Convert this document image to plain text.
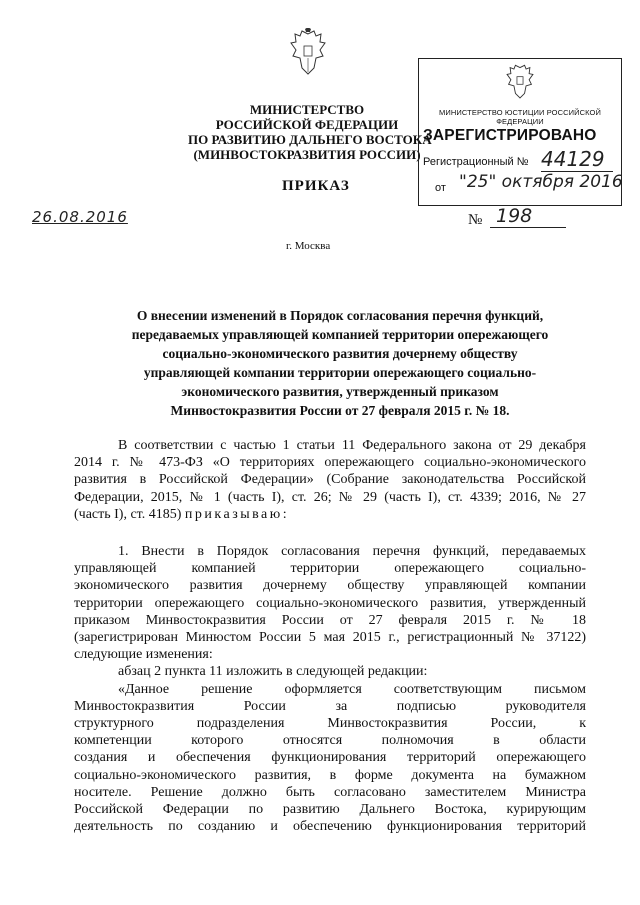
МИНИСТЕРСТВО
РОССИЙСКОЙ ФЕДЕРАЦИИ
ПО РАЗВИТИЮ ДАЛЬНЕГО ВОСТОКА
(МИНВОСТОКРАЗВИТИЯ РОССИИ)
МИНИСТЕРСТВО ЮСТИЦИИ РОССИЙСКОЙ ФЕДЕРАЦИИ
ЗАРЕГИСТРИРОВАНО
Регистрационный № 44129
от "25" октября 2016
ПРИКАЗ
26.08.2016	№ 198
г. Москва
О внесении изменений в Порядок согласования перечня функций,
передаваемых управляющей компанией территории опережающего
социально-экономического развития дочернему обществу
управляющей компании территории опережающего социально-
экономического развития, утвержденный приказом
Минвостокразвития России от 27 февраля 2015 г. № 18.
В соответствии с частью 1 статьи 11 Федерального закона от 29 декабря
2014 г. № 473-ФЗ «О территориях опережающего социально-экономического
развития в Российской Федерации» (Собрание законодательства Российской
Федерации, 2015, № 1 (часть I), ст. 26; № 29 (часть I), ст. 4339; 2016, № 27
(часть I), ст. 4185) приказываю:
1. Внести в Порядок согласования перечня функций, передаваемых
управляющей компанией территории опережающего социально-
экономического развития дочернему обществу управляющей компании
территории опережающего социально-экономического развития, утвержденный
приказом Минвостокразвития России от 27 февраля 2015 г. № 18
(зарегистрирован Минюстом России 5 мая 2015 г., регистрационный № 37122)
следующие изменения:
абзац 2 пункта 11 изложить в следующей редакции:
«Данное решение оформляется соответствующим письмом
Минвостокразвития России за подписью руководителя
структурного подразделения Минвостокразвития России, к
компетенции которого относятся полномочия в области
создания и обеспечения функционирования территорий опережающего
социально-экономического развития, в форме документа на бумажном
носителе. Решение должно быть согласовано заместителем Министра
Российской Федерации по развитию Дальнего Востока, курирующим
деятельность по созданию и обеспечению функционирования территорий
